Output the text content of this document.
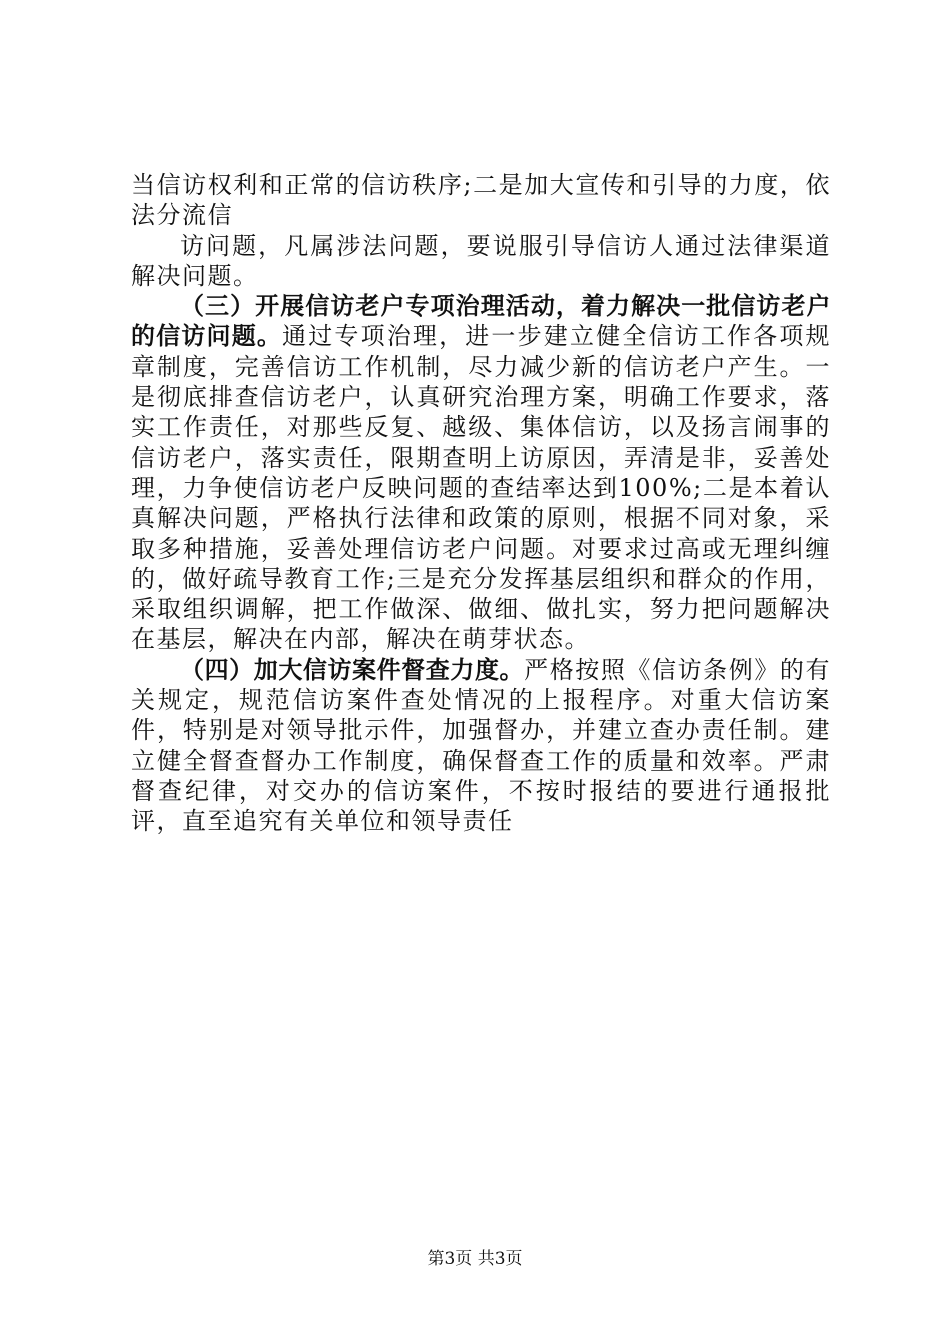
当信访权利和正常的信访秩序;二是加大宣传和引导的力度，依法分流信

访问题，凡属涉法问题，要说服引导信访人通过法律渠道解决问题。

（三）开展信访老户专项治理活动，着力解决一批信访老户的信访问题。通过专项治理，进一步建立健全信访工作各项规章制度，完善信访工作机制，尽力减少新的信访老户产生。一是彻底排查信访老户，认真研究治理方案，明确工作要求，落实工作责任，对那些反复、越级、集体信访，以及扬言闹事的信访老户，落实责任，限期查明上访原因，弄清是非，妥善处理，力争使信访老户反映问题的查结率达到100%;二是本着认真解决问题，严格执行法律和政策的原则，根据不同对象，采取多种措施，妥善处理信访老户问题。对要求过高或无理纠缠的，做好疏导教育工作;三是充分发挥基层组织和群众的作用，采取组织调解，把工作做深、做细、做扎实，努力把问题解决在基层，解决在内部，解决在萌芽状态。

（四）加大信访案件督查力度。严格按照《信访条例》的有关规定，规范信访案件查处情况的上报程序。对重大信访案件，特别是对领导批示件，加强督办，并建立查办责任制。建立健全督查督办工作制度，确保督查工作的质量和效率。严肃督查纪律，对交办的信访案件，不按时报结的要进行通报批评，直至追究有关单位和领导责任

第3页 共3页
